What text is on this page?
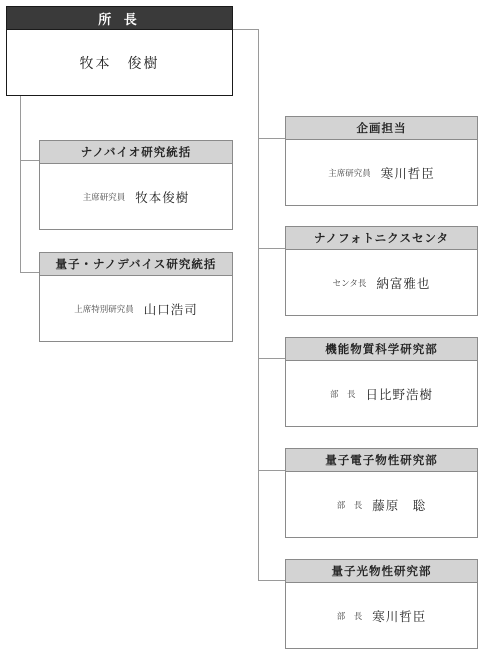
所 長
牧本　俊樹
ナノバイオ研究統括
主席研究員 牧本俊樹
量子・ナノデバイス研究統括
上席特別研究員 山口浩司
企画担当
主席研究員 寒川哲臣
ナノフォトニクスセンタ
センタ長 納富雅也
機能物質科学研究部
部　長 日比野浩樹
量子電子物性研究部
部　長 藤原　聡
量子光物性研究部
部　長 寒川哲臣
